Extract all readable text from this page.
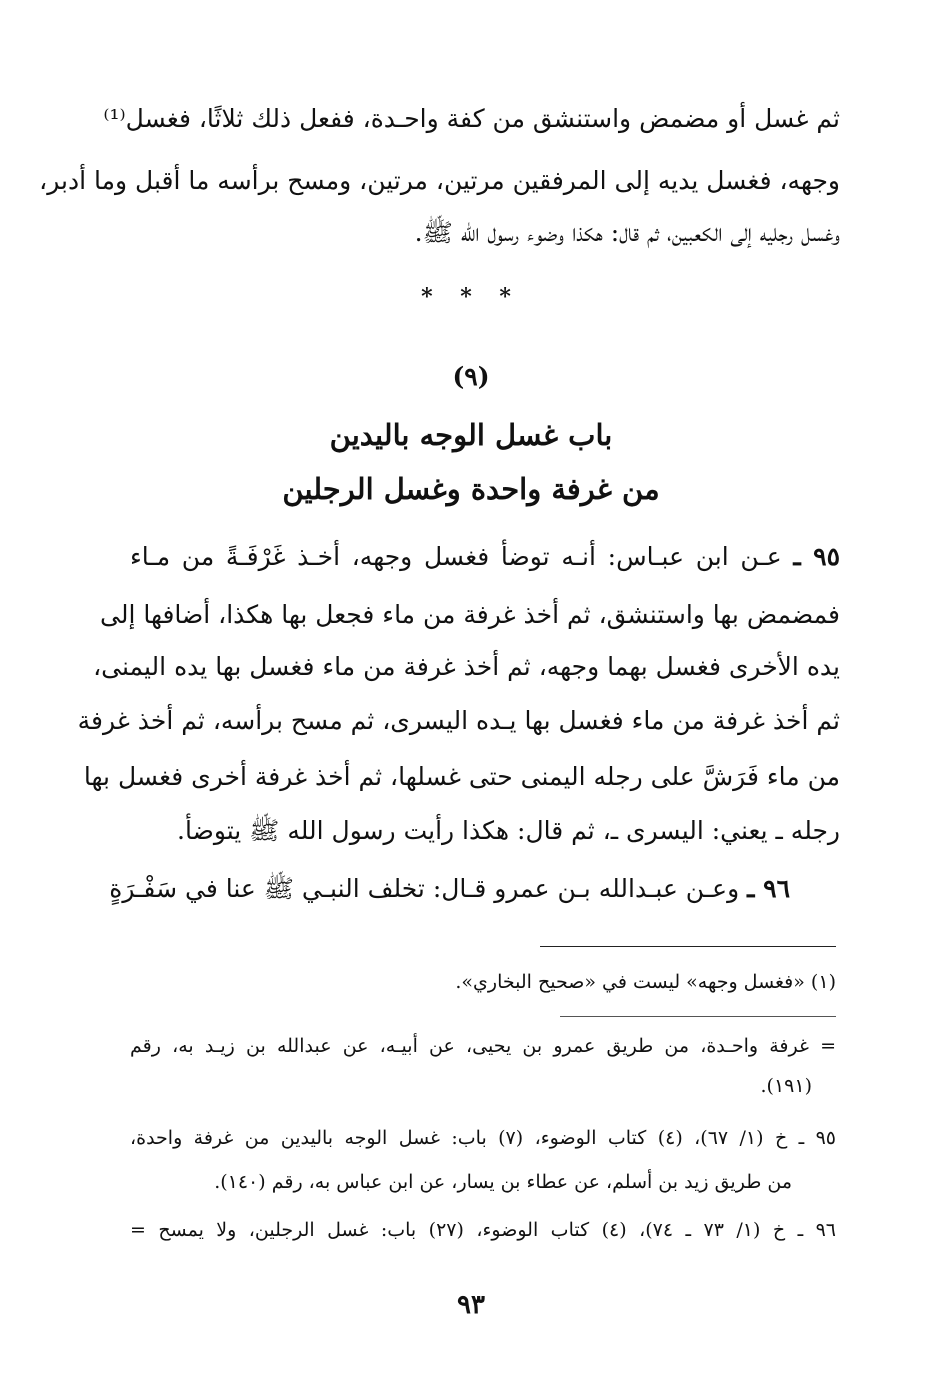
ثم غسل أو مضمض واستنشق من كفة واحـدة، ففعل ذلك ثلاثًا، فغسل⁽¹⁾
وجهه، فغسل يديه إلى المرفقين مرتين، مرتين، ومسح برأسه ما أقبل وما أدبر،
وغسل رجليه إلى الكعبين، ثم قال: هكذا وضوء رسول الله ﷺ.
* * *
(٩)
باب غسل الوجه باليدين
من غرفة واحدة وغسل الرجلين
٩٥ ـ عـن ابن عبـاس: أنـه توضأ فغسل وجهه، أخـذ غَرْفَـةً من مـاء
فمضمض بها واستنشق، ثم أخذ غرفة من ماء فجعل بها هكذا، أضافها إلى
يده الأخرى فغسل بهما وجهه، ثم أخذ غرفة من ماء فغسل بها يده اليمنى،
ثم أخذ غرفة من ماء فغسل بها يـده اليسرى، ثم مسح برأسه، ثم أخذ غرفة
من ماء فَرَشَّ على رجله اليمنى حتى غسلها، ثم أخذ غرفة أخرى فغسل بها
رجله ـ يعني: اليسرى ـ، ثم قال: هكذا رأيت رسول الله ﷺ يتوضأ.
٩٦ ـ وعـن عبـدالله بـن عمرو قـال: تخلف النبـي ﷺ عنا في سَفْـرَةٍ
(١) «فغسل وجهه» ليست في «صحيح البخاري».
= غرفة واحـدة، من طريق عمرو بن يحيى، عن أبيـه، عن عبدالله بن زيـد به، رقم
(١٩١).
٩٥ ـ خ (١/ ٦٧)، (٤) كتاب الوضوء، (٧) باب: غسل الوجه باليدين من غرفة واحدة،
من طريق زيد بن أسلم، عن عطاء بن يسار، عن ابن عباس به، رقم (١٤٠).
٩٦ ـ خ (١/ ٧٣ ـ ٧٤)، (٤) كتاب الوضوء، (٢٧) باب: غسل الرجلين، ولا يمسح =
٩٣
